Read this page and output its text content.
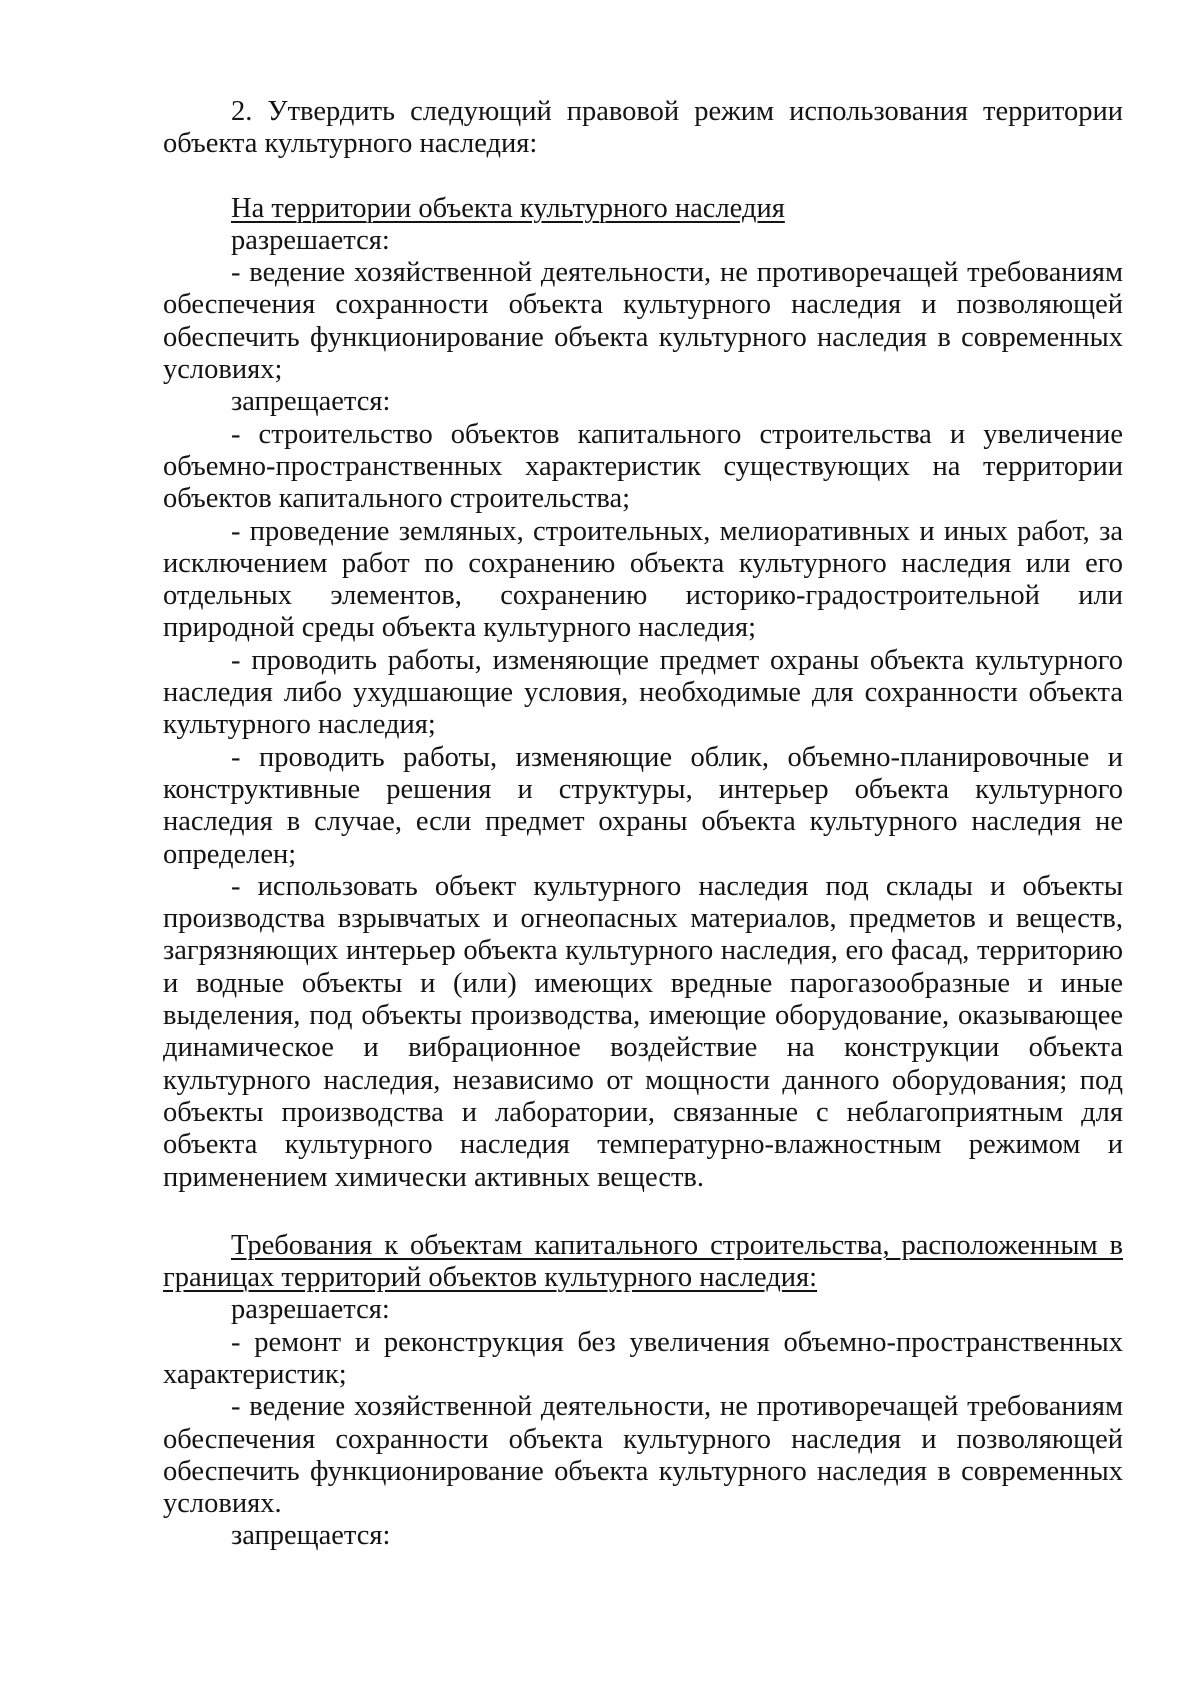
2. Утвердить следующий правовой режим использования территории объекта культурного наследия:

На территории объекта культурного наследия

разрешается:

- ведение хозяйственной деятельности, не противоречащей требованиям обеспечения сохранности объекта культурного наследия и позволяющей обеспечить функционирование объекта культурного наследия в современных условиях;

запрещается:

- строительство объектов капитального строительства и увеличение объемно-пространственных характеристик существующих на территории объектов капитального строительства;

- проведение земляных, строительных, мелиоративных и иных работ, за исключением работ по сохранению объекта культурного наследия или его отдельных элементов, сохранению историко-градостроительной или природной среды объекта культурного наследия;

- проводить работы, изменяющие предмет охраны объекта культурного наследия либо ухудшающие условия, необходимые для сохранности объекта культурного наследия;

- проводить работы, изменяющие облик, объемно-планировочные и конструктивные решения и структуры, интерьер объекта культурного наследия в случае, если предмет охраны объекта культурного наследия не определен;

- использовать объект культурного наследия под склады и объекты производства взрывчатых и огнеопасных материалов, предметов и веществ, загрязняющих интерьер объекта культурного наследия, его фасад, территорию и водные объекты и (или) имеющих вредные парогазообразные и иные выделения, под объекты производства, имеющие оборудование, оказывающее динамическое и вибрационное воздействие на конструкции объекта культурного наследия, независимо от мощности данного оборудования; под объекты производства и лаборатории, связанные с неблагоприятным для объекта культурного наследия температурно-влажностным режимом и применением химически активных веществ.

Требования к объектам капитального строительства, расположенным в границах территорий объектов культурного наследия:

разрешается:

- ремонт и реконструкция без увеличения объемно-пространственных характеристик;

- ведение хозяйственной деятельности, не противоречащей требованиям обеспечения сохранности объекта культурного наследия и позволяющей обеспечить функционирование объекта культурного наследия в современных условиях.

запрещается:
